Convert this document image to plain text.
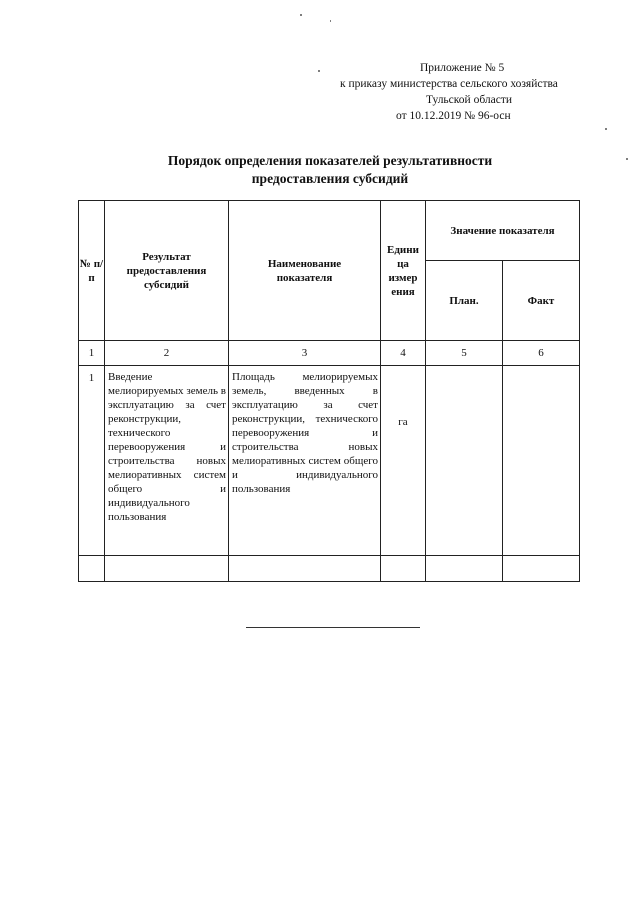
Приложение № 5
к приказу министерства сельского хозяйства
Тульской области
от 10.12.2019 № 96-осн
Порядок определения показателей результативности
предоставления субсидий
№ п/п	Результат предоставления субсидий	Наименование показателя	Едини ца измер ения	Значение показателя	
				План.	Факт
1	2	3	4	5	6
1	Введение мелиорируемых земель в эксплуатацию за счет реконструкции, технического перевооружения и строительства новых мелиоративных систем общего и индивидуального пользования	Площадь мелиорируемых земель, введенных в эксплуатацию за счет реконструкции, технического перевооружения и строительства новых мелиоративных систем общего и индивидуального пользования	га		
